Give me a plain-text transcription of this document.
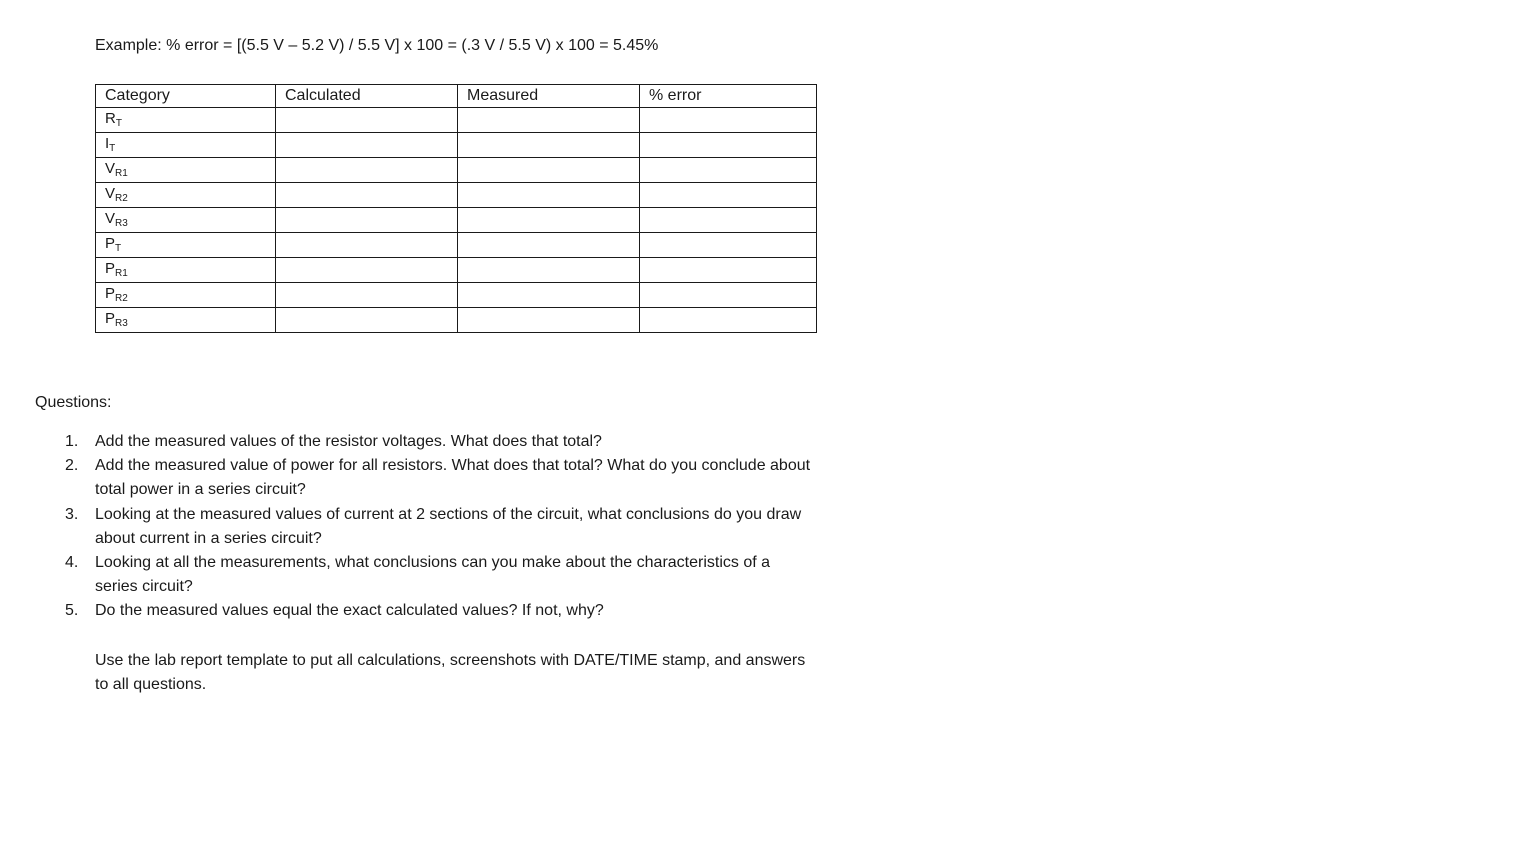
Example: % error = [(5.5 V – 5.2 V) / 5.5 V] x 100 = (.3 V / 5.5 V) x 100 = 5.45%
Category	Calculated	Measured	% error
RT			
IT			
VR1			
VR2			
VR3			
PT			
PR1			
PR2			
PR3			
Questions:
1. Add the measured values of the resistor voltages. What does that total?
2. Add the measured value of power for all resistors. What does that total? What do you conclude about total power in a series circuit?
3. Looking at the measured values of current at 2 sections of the circuit, what conclusions do you draw about current in a series circuit?
4. Looking at all the measurements, what conclusions can you make about the characteristics of a series circuit?
5. Do the measured values equal the exact calculated values? If not, why?
Use the lab report template to put all calculations, screenshots with DATE/TIME stamp, and answers to all questions.
